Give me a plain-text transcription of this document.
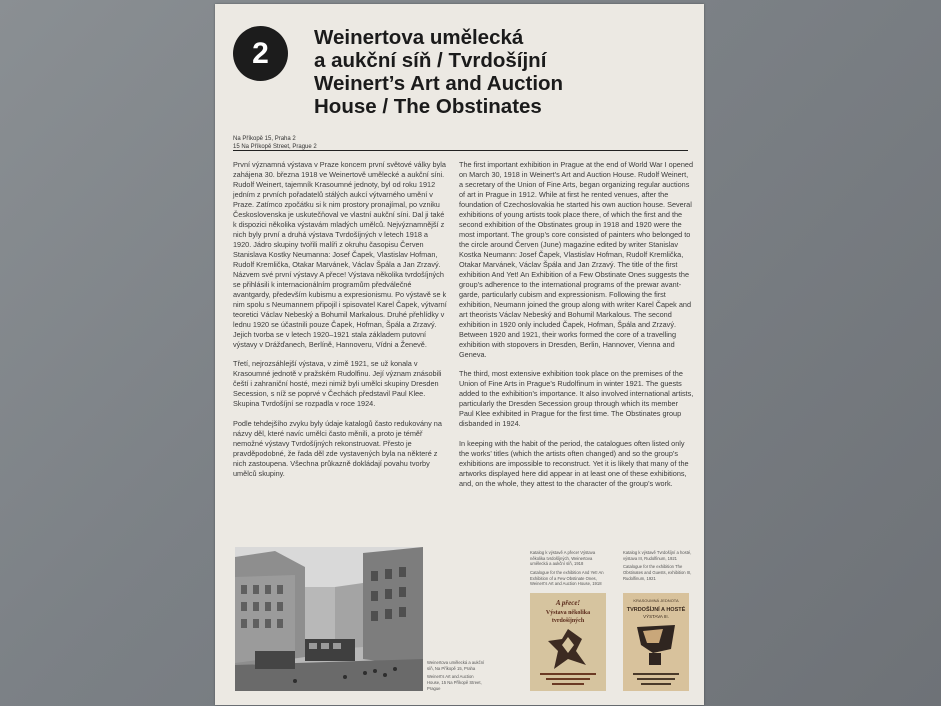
2 Weinertova umělecká
a aukční síň / Tvrdošíjní
Weinert’s Art and Auction
House / The Obstinates
Na Příkopě 15, Praha 2
15 Na Příkopě Street, Prague 2

První významná výstava v Praze koncem první světové války byla zahájena 30. března 1918 ve Weinertově umělecké a aukční síni. Rudolf Weinert, tajemník Krasoumné jednoty, byl od roku 1912 jedním z prvních pořadatelů stálých aukcí výtvarného umění v Praze. Zatímco zpočátku si k nim prostory pronajímal, po vzniku Československa je uskutečňoval ve vlastní aukční síni. Dal ji také k dispozici několika výstavám mladých umělců. Nejvýznamnější z nich byly první a druhá výstava Tvrdošíjných v letech 1918 a 1920. Jádro skupiny tvořili malíři z okruhu časopisu Červen Stanislava Kostky Neumanna: Josef Čapek, Vlastislav Hofman, Rudolf Kremlička, Otakar Marvánek, Václav Špála a Jan Zrzavý. Názvem své první výstavy A přece! Výstava několika tvrdošíjných se přihlásili k internacionálním programům předválečné avantgardy, především kubismu a expresionismu. Po výstavě se k nim spolu s Neumannem připojil i spisovatel Karel Čapek, výtvarní teoretici Václav Nebeský a Bohumil Markalous. Druhé přehlídky v lednu 1920 se účastnili pouze Čapek, Hofman, Špála a Zrzavý. Jejich tvorba se v letech 1920–1921 stala základem putovní výstavy v Drážďanech, Berlíně, Hannoveru, Vídni a Ženevě.

Třetí, nejrozsáhlejší výstava, v zimě 1921, se už konala v Krasoumné jednotě v pražském Rudolfinu. Její význam znásobili čeští i zahraniční hosté, mezi nimiž byli umělci skupiny Dresden Secession, s níž se poprvé v Čechách představil Paul Klee. Skupina Tvrdošíjní se rozpadla v roce 1924.

Podle tehdejšího zvyku byly údaje katalogů často redukovány na názvy děl, které navíc umělci často měnili, a proto je téměř nemožné výstavy Tvrdošíjných rekonstruovat. Přesto je pravděpodobné, že řada děl zde vystavených byla na některé z nich zastoupena. Všechna průkazně dokládají povahu tvorby umělců skupiny.

The first important exhibition in Prague at the end of World War I opened on March 30, 1918 in Weinert’s Art and Auction House. Rudolf Weinert, a secretary of the Union of Fine Arts, began organizing regular auctions of art in Prague in 1912. While at first he rented venues, after the foundation of Czechoslovakia he started his own auction house. Several exhibitions of young artists took place there, of which the first and the second exhibition of the Obstinates group in 1918 and 1920 were the most important. The group’s core consisted of painters who belonged to the circle around Červen (June) magazine edited by writer Stanislav Kostka Neumann: Josef Čapek, Vlastislav Hofman, Rudolf Kremlička, Otakar Marvánek, Václav Špála and Jan Zrzavý. The title of the first exhibition And Yet! An Exhibition of a Few Obstinate Ones suggests the group’s adherence to the international programs of the prewar avant-garde, particularly cubism and expressionism. Following the first exhibition, Neumann joined the group along with writer Karel Čapek and art theorists Václav Nebeský and Bohumil Markalous. The second exhibition in 1920 only included Čapek, Hofman, Špála and Zrzavý. Between 1920 and 1921, their works formed the core of a travelling exhibition with stopovers in Dresden, Berlin, Hannover, Vienna and Geneva.

The third, most extensive exhibition took place on the premises of the Union of Fine Arts in Prague’s Rudolfinum in winter 1921. The guests added to the exhibition’s importance. It also involved international artists, particularly the Dresden Secession group through which its member Paul Klee exhibited in Prague for the first time. The Obstinates group disbanded in 1924.

In keeping with the habit of the period, the catalogues often listed only the works’ titles (which the artists often changed) and so the group’s exhibitions are impossible to reconstruct. Yet it is likely that many of the artworks displayed here did appear in at least one of these exhibitions, and, on the whole, they attest to the character of the group’s work.

Weinertova umělecká a aukční síň, Na Příkopě 15, Praha

Weinert’s Art and Auction House, 15 Na Příkopě Street, Prague

Katalog k výstavě A přece! Výstava několika tvrdošíjných, Weinertova umělecká a aukční síň, 1918

Catalogue for the exhibition And Yet! An Exhibition of a Few Obstinate Ones, Weinert’s Art and Auction House, 1918

Katalog k výstavě Tvrdošíjní a hosté, výstava III, Rudolfinum, 1921

Catalogue for the exhibition The Obstinates and Guests, exhibition III, Rudolfinum, 1921

A přece!
Výstava několika
tvrdošíjných
KRASOUMNÁ JEDNOTA
TVRDOŠÍJNÍ A HOSTÉ
VÝSTAVA III.
